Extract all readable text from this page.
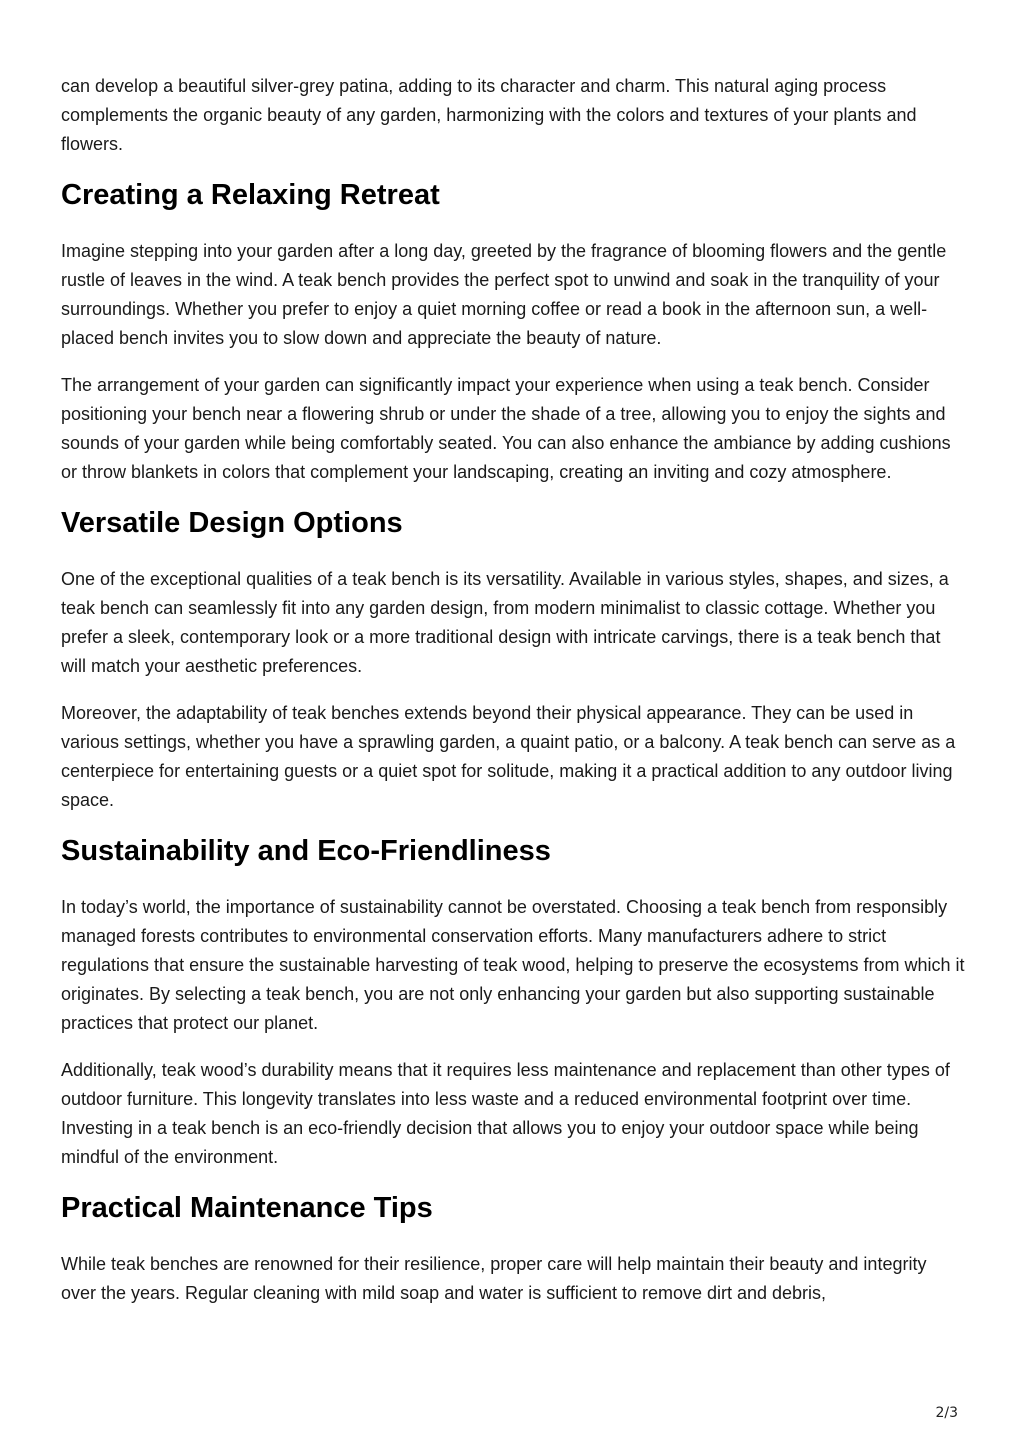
can develop a beautiful silver-grey patina, adding to its character and charm. This natural aging process complements the organic beauty of any garden, harmonizing with the colors and textures of your plants and flowers.

Creating a Relaxing Retreat

Imagine stepping into your garden after a long day, greeted by the fragrance of blooming flowers and the gentle rustle of leaves in the wind. A teak bench provides the perfect spot to unwind and soak in the tranquility of your surroundings. Whether you prefer to enjoy a quiet morning coffee or read a book in the afternoon sun, a well-placed bench invites you to slow down and appreciate the beauty of nature.

The arrangement of your garden can significantly impact your experience when using a teak bench. Consider positioning your bench near a flowering shrub or under the shade of a tree, allowing you to enjoy the sights and sounds of your garden while being comfortably seated. You can also enhance the ambiance by adding cushions or throw blankets in colors that complement your landscaping, creating an inviting and cozy atmosphere.

Versatile Design Options

One of the exceptional qualities of a teak bench is its versatility. Available in various styles, shapes, and sizes, a teak bench can seamlessly fit into any garden design, from modern minimalist to classic cottage. Whether you prefer a sleek, contemporary look or a more traditional design with intricate carvings, there is a teak bench that will match your aesthetic preferences.

Moreover, the adaptability of teak benches extends beyond their physical appearance. They can be used in various settings, whether you have a sprawling garden, a quaint patio, or a balcony. A teak bench can serve as a centerpiece for entertaining guests or a quiet spot for solitude, making it a practical addition to any outdoor living space.

Sustainability and Eco-Friendliness

In today’s world, the importance of sustainability cannot be overstated. Choosing a teak bench from responsibly managed forests contributes to environmental conservation efforts. Many manufacturers adhere to strict regulations that ensure the sustainable harvesting of teak wood, helping to preserve the ecosystems from which it originates. By selecting a teak bench, you are not only enhancing your garden but also supporting sustainable practices that protect our planet.

Additionally, teak wood’s durability means that it requires less maintenance and replacement than other types of outdoor furniture. This longevity translates into less waste and a reduced environmental footprint over time. Investing in a teak bench is an eco-friendly decision that allows you to enjoy your outdoor space while being mindful of the environment.

Practical Maintenance Tips

While teak benches are renowned for their resilience, proper care will help maintain their beauty and integrity over the years. Regular cleaning with mild soap and water is sufficient to remove dirt and debris,

2/3
